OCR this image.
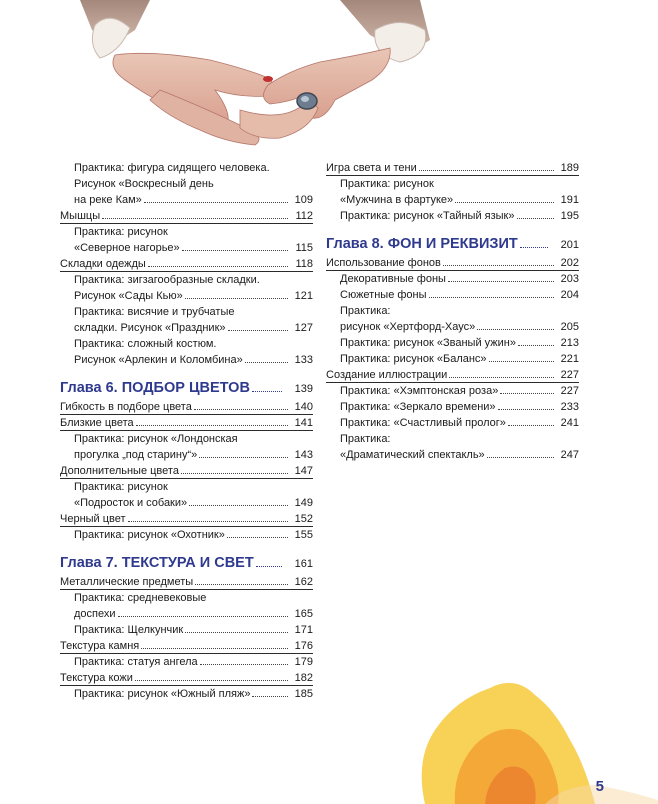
Практика: фигура сидящего человека.
Рисунок «Воскресный день
на реке Кам»	109
Мышцы	112
Практика: рисунок
«Северное нагорье»	115
Складки одежды	118
Практика: зигзагообразные складки.
Рисунок «Сады Кью»	121
Практика: висячие и трубчатые
складки. Рисунок «Праздник»	127
Практика: сложный костюм.
Рисунок «Арлекин и Коломбина»	133
Глава 6. ПОДБОР ЦВЕТОВ	139
Гибкость в подборе цвета	140
Близкие цвета	141
Практика: рисунок «Лондонская
прогулка „под старину“»	143
Дополнительные цвета	147
Практика: рисунок
«Подросток и собаки»	149
Черный цвет	152
Практика: рисунок «Охотник»	155
Глава 7. ТЕКСТУРА И СВЕТ	161
Металлические предметы	162
Практика: средневековые
доспехи	165
Практика: Щелкунчик	171
Текстура камня	176
Практика: статуя ангела	179
Текстура кожи	182
Практика: рисунок «Южный пляж»	185
Игра света и тени	189
Практика: рисунок
«Мужчина в фартуке»	191
Практика: рисунок «Тайный язык»	195
Глава 8. ФОН И РЕКВИЗИТ	201
Использование фонов	202
Декоративные фоны	203
Сюжетные фоны	204
Практика:
рисунок «Хертфорд-Хаус»	205
Практика: рисунок «Званый ужин»	213
Практика: рисунок «Баланс»	221
Создание иллюстрации	227
Практика: «Хэмптонская роза»	227
Практика: «Зеркало времени»	233
Практика: «Счастливый пролог»	241
Практика:
«Драматический спектакль»	247
5
